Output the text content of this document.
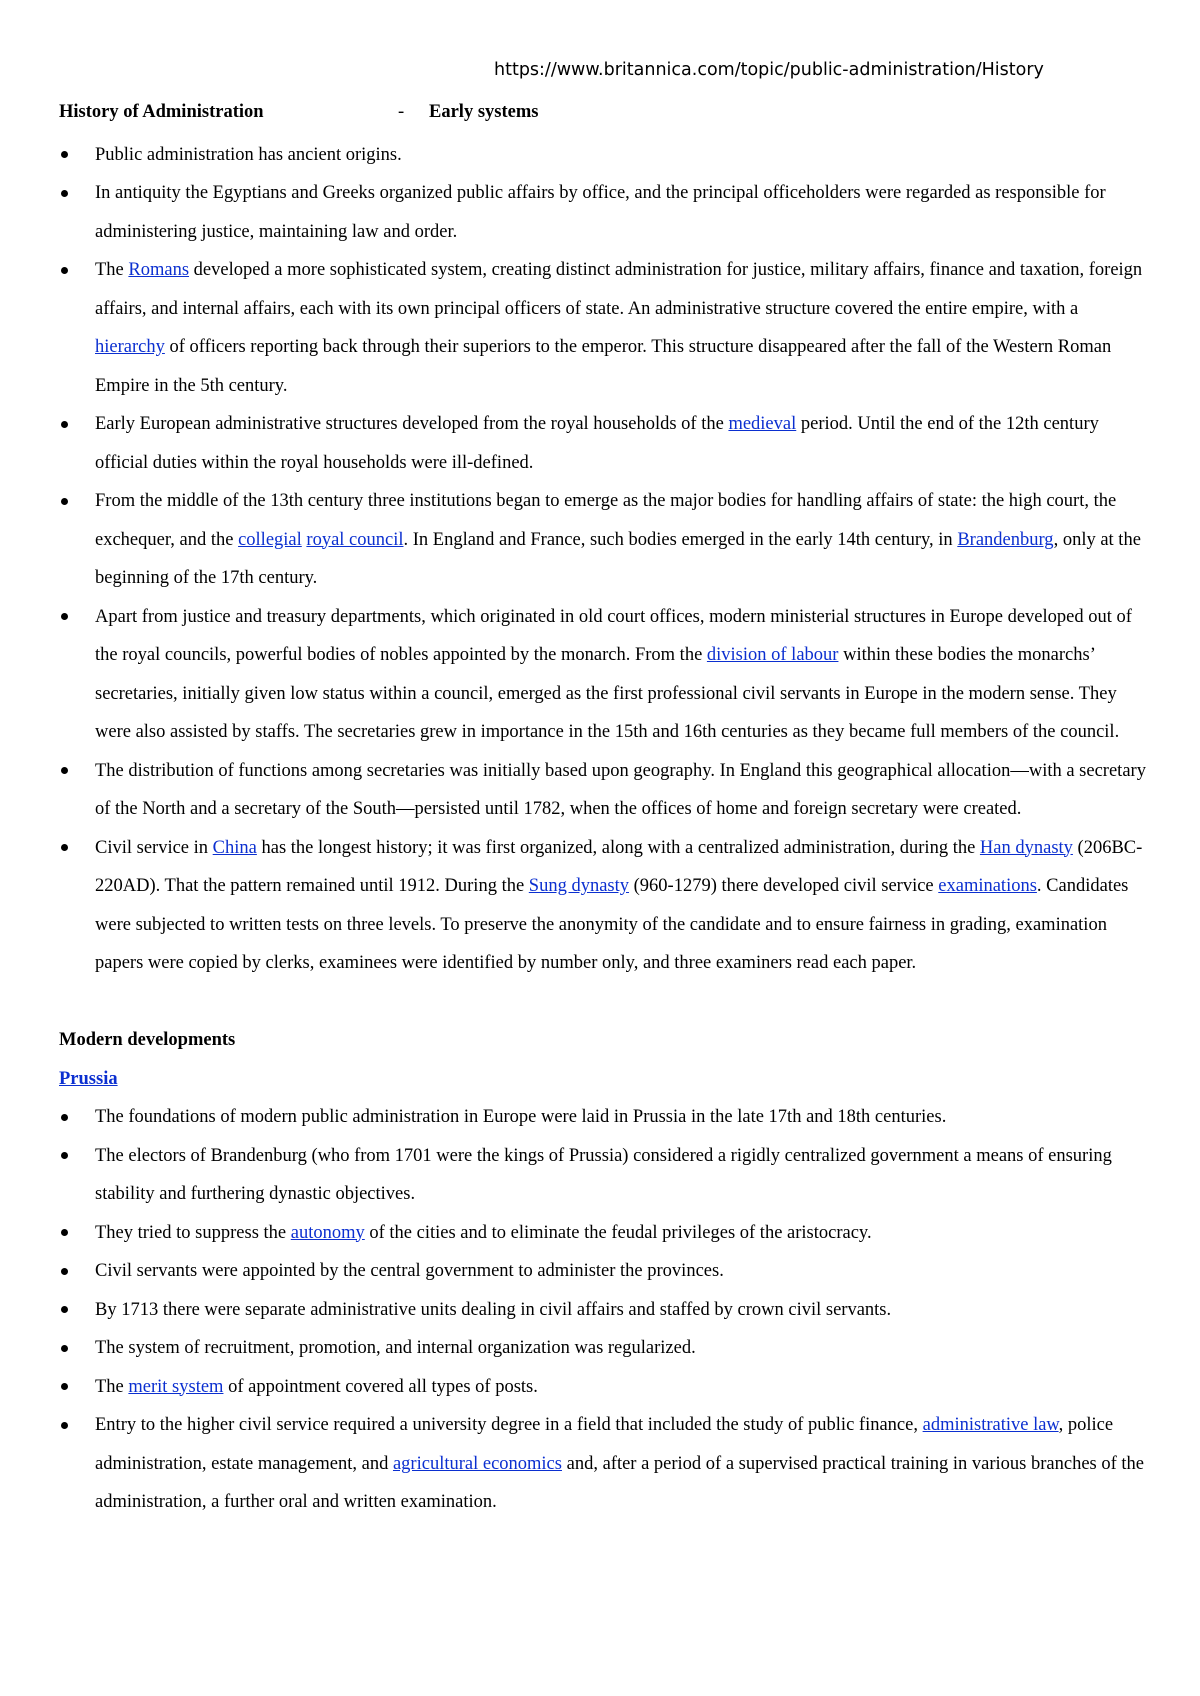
https://www.britannica.com/topic/public-administration/History
History of Administration	- Early systems
Public administration has ancient origins.
In antiquity the Egyptians and Greeks organized public affairs by office, and the principal officeholders were regarded as responsible for administering justice, maintaining law and order.
The Romans developed a more sophisticated system, creating distinct administration for justice, military affairs, finance and taxation, foreign affairs, and internal affairs, each with its own principal officers of state. An administrative structure covered the entire empire, with a hierarchy of officers reporting back through their superiors to the emperor. This structure disappeared after the fall of the Western Roman Empire in the 5th century.
Early European administrative structures developed from the royal households of the medieval period. Until the end of the 12th century official duties within the royal households were ill-defined.
From the middle of the 13th century three institutions began to emerge as the major bodies for handling affairs of state: the high court, the exchequer, and the collegial royal council. In England and France, such bodies emerged in the early 14th century, in Brandenburg, only at the beginning of the 17th century.
Apart from justice and treasury departments, which originated in old court offices, modern ministerial structures in Europe developed out of the royal councils, powerful bodies of nobles appointed by the monarch. From the division of labour within these bodies the monarchs’ secretaries, initially given low status within a council, emerged as the first professional civil servants in Europe in the modern sense. They were also assisted by staffs. The secretaries grew in importance in the 15th and 16th centuries as they became full members of the council.
The distribution of functions among secretaries was initially based upon geography. In England this geographical allocation—with a secretary of the North and a secretary of the South—persisted until 1782, when the offices of home and foreign secretary were created.
Civil service in China has the longest history; it was first organized, along with a centralized administration, during the Han dynasty (206BC-220AD). That the pattern remained until 1912. During the Sung dynasty (960-1279) there developed civil service examinations. Candidates were subjected to written tests on three levels. To preserve the anonymity of the candidate and to ensure fairness in grading, examination papers were copied by clerks, examinees were identified by number only, and three examiners read each paper.
Modern developments
Prussia
The foundations of modern public administration in Europe were laid in Prussia in the late 17th and 18th centuries.
The electors of Brandenburg (who from 1701 were the kings of Prussia) considered a rigidly centralized government a means of ensuring stability and furthering dynastic objectives.
They tried to suppress the autonomy of the cities and to eliminate the feudal privileges of the aristocracy.
Civil servants were appointed by the central government to administer the provinces.
By 1713 there were separate administrative units dealing in civil affairs and staffed by crown civil servants.
The system of recruitment, promotion, and internal organization was regularized.
The merit system of appointment covered all types of posts.
Entry to the higher civil service required a university degree in a field that included the study of public finance, administrative law, police administration, estate management, and agricultural economics and, after a period of a supervised practical training in various branches of the administration, a further oral and written examination.
